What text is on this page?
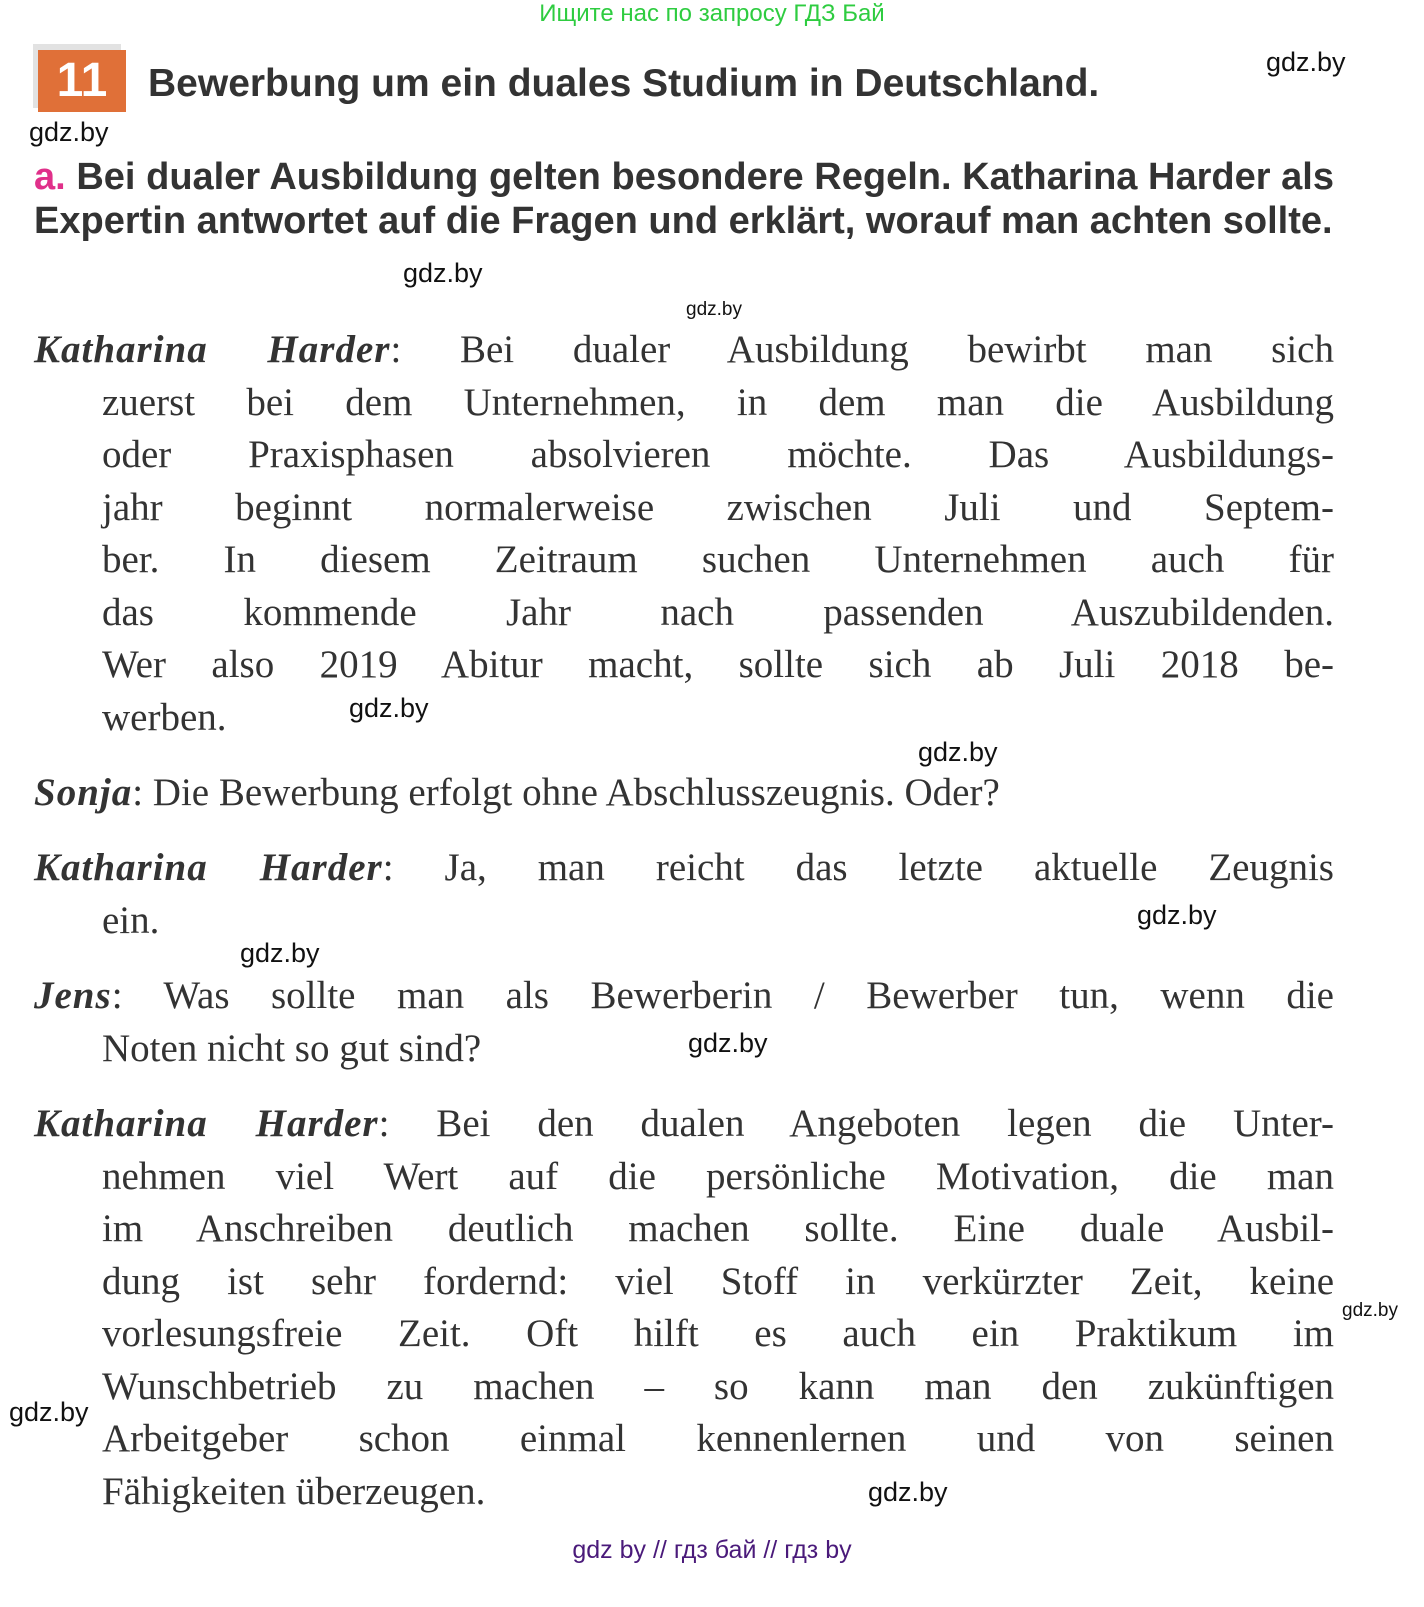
Ищите нас по запросу ГДЗ Бай
11	Bewerbung um ein duales Studium in Deutschland.
a. Bei dualer Ausbildung gelten besondere Regeln. Katharina Harder als Expertin antwortet auf die Fragen und erklärt, worauf man achten sollte.
Katharina Harder: Bei dualer Ausbildung bewirbt man sich
zuerst bei dem Unternehmen, in dem man die Ausbildung
oder Praxisphasen absolvieren möchte. Das Ausbildungs-
jahr beginnt normalerweise zwischen Juli und Septem-
ber. In diesem Zeitraum suchen Unternehmen auch für
das kommende Jahr nach passenden Auszubildenden.
Wer also 2019 Abitur macht, sollte sich ab Juli 2018 be-
werben.
Sonja: Die Bewerbung erfolgt ohne Abschlusszeugnis. Oder?
Katharina Harder: Ja, man reicht das letzte aktuelle Zeugnis
ein.
Jens: Was sollte man als Bewerberin / Bewerber tun, wenn die
Noten nicht so gut sind?
Katharina Harder: Bei den dualen Angeboten legen die Unter-
nehmen viel Wert auf die persönliche Motivation, die man
im Anschreiben deutlich machen sollte. Eine duale Ausbil-
dung ist sehr fordernd: viel Stoff in verkürzter Zeit, keine
vorlesungsfreie Zeit. Oft hilft es auch ein Praktikum im
Wunschbetrieb zu machen – so kann man den zukünftigen
Arbeitgeber schon einmal kennenlernen und von seinen
Fähigkeiten überzeugen.
gdz.by
gdz.by
gdz.by
gdz.by
gdz.by
gdz.by
gdz.by
gdz.by
gdz.by
gdz.by
gdz.by
gdz.by
gdz by // гдз бай // гдз by
